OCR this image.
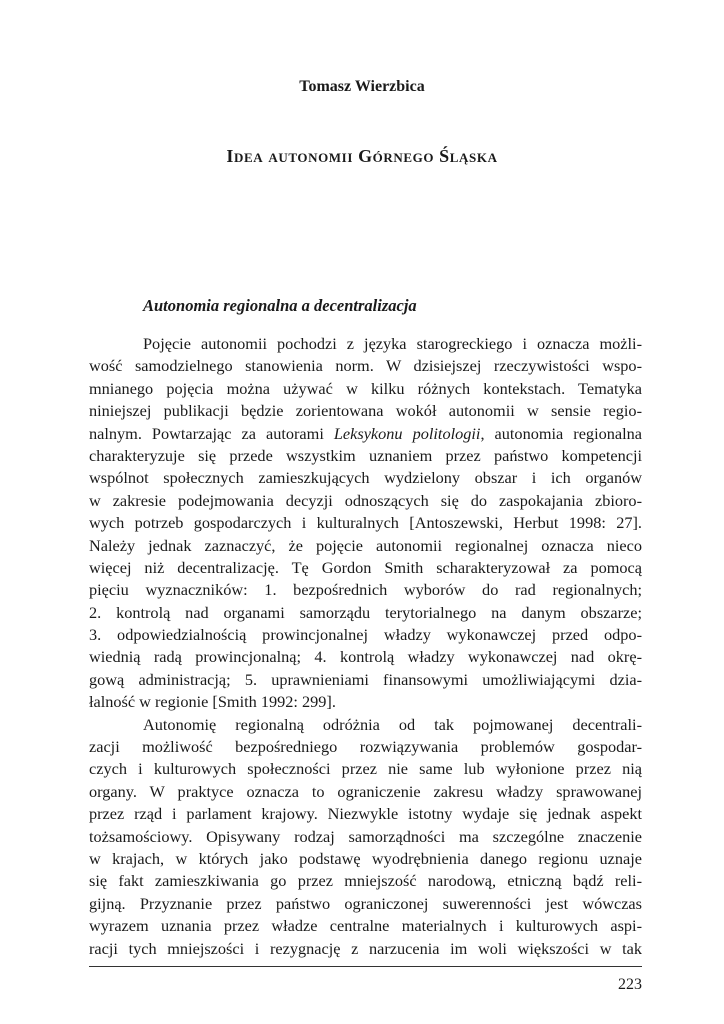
Tomasz Wierzbica
Idea autonomii Górnego Śląska
Autonomia regionalna a decentralizacja
Pojęcie autonomii pochodzi z języka starogreckiego i oznacza możli-
wość samodzielnego stanowienia norm. W dzisiejszej rzeczywistości wspo-
mnianego pojęcia można używać w kilku różnych kontekstach. Tematyka
niniejszej publikacji będzie zorientowana wokół autonomii w sensie regio-
nalnym. Powtarzając za autorami Leksykonu politologii, autonomia regionalna
charakteryzuje się przede wszystkim uznaniem przez państwo kompetencji
wspólnot społecznych zamieszkujących wydzielony obszar i ich organów
w zakresie podejmowania decyzji odnoszących się do zaspokajania zbioro-
wych potrzeb gospodarczych i kulturalnych [Antoszewski, Herbut 1998: 27].
Należy jednak zaznaczyć, że pojęcie autonomii regionalnej oznacza nieco
więcej niż decentralizację. Tę Gordon Smith scharakteryzował za pomocą
pięciu wyznaczników: 1. bezpośrednich wyborów do rad regionalnych;
2. kontrolą nad organami samorządu terytorialnego na danym obszarze;
3. odpowiedzialnością prowincjonalnej władzy wykonawczej przed odpo-
wiednią radą prowincjonalną; 4. kontrolą władzy wykonawczej nad okrę-
gową administracją; 5. uprawnieniami finansowymi umożliwiającymi dzia-
łalność w regionie [Smith 1992: 299].
Autonomię regionalną odróżnia od tak pojmowanej decentrali-
zacji możliwość bezpośredniego rozwiązywania problemów gospodar-
czych i kulturowych społeczności przez nie same lub wyłonione przez nią
organy. W praktyce oznacza to ograniczenie zakresu władzy sprawowanej
przez rząd i parlament krajowy. Niezwykle istotny wydaje się jednak aspekt
tożsamościowy. Opisywany rodzaj samorządności ma szczególne znaczenie
w krajach, w których jako podstawę wyodrębnienia danego regionu uznaje
się fakt zamieszkiwania go przez mniejszość narodową, etniczną bądź reli-
gijną. Przyznanie przez państwo ograniczonej suwerenności jest wówczas
wyrazem uznania przez władze centralne materialnych i kulturowych aspi-
racji tych mniejszości i rezygnację z narzucenia im woli większości w tak
223
